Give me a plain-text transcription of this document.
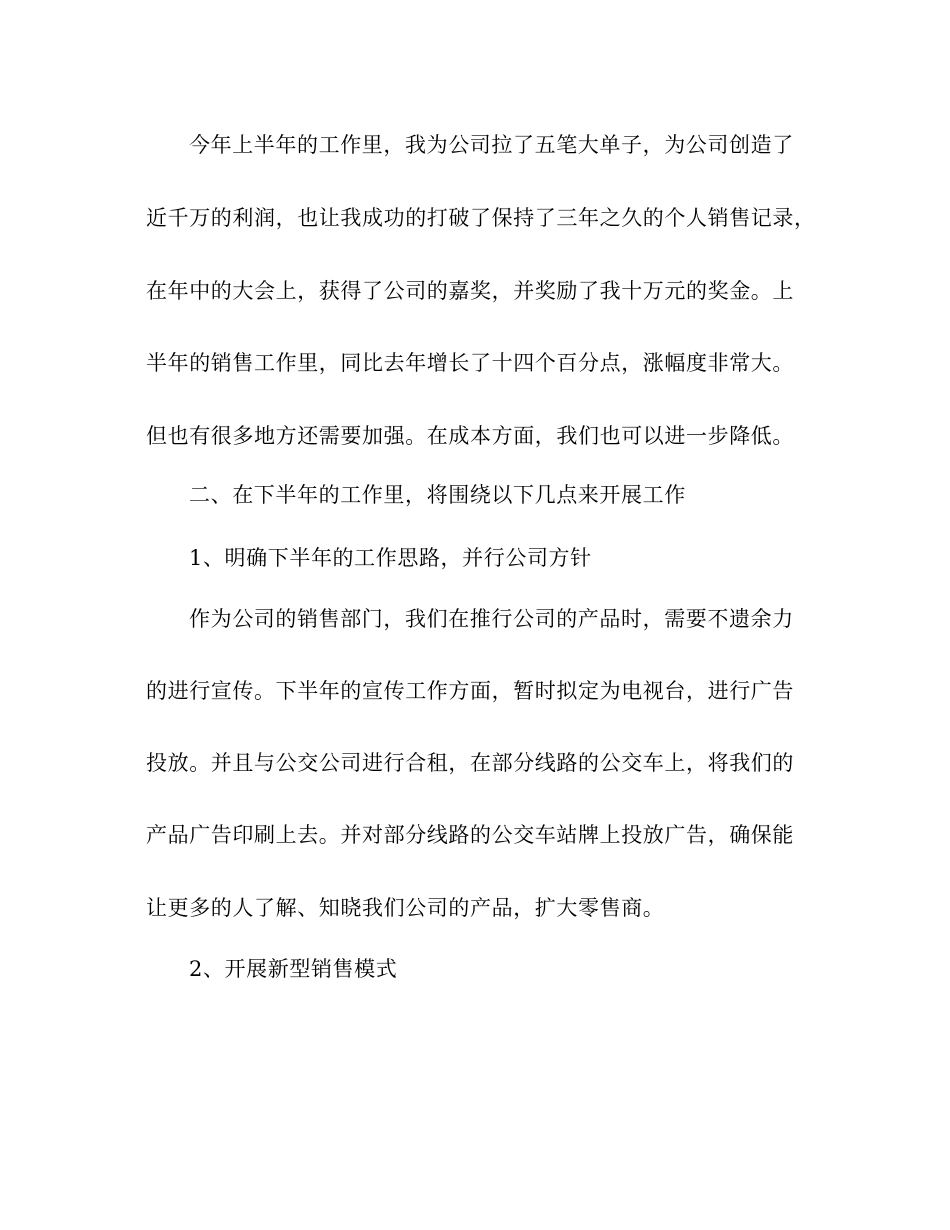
今年上半年的工作里，我为公司拉了五笔大单子，为公司创造了
近千万的利润，也让我成功的打破了保持了三年之久的个人销售记录，
在年中的大会上，获得了公司的嘉奖，并奖励了我十万元的奖金。上
半年的销售工作里，同比去年增长了十四个百分点，涨幅度非常大。
但也有很多地方还需要加强。在成本方面，我们也可以进一步降低。
二、在下半年的工作里，将围绕以下几点来开展工作
1、明确下半年的工作思路，并行公司方针
作为公司的销售部门，我们在推行公司的产品时，需要不遗余力
的进行宣传。下半年的宣传工作方面，暂时拟定为电视台，进行广告
投放。并且与公交公司进行合租，在部分线路的公交车上，将我们的
产品广告印刷上去。并对部分线路的公交车站牌上投放广告，确保能
让更多的人了解、知晓我们公司的产品，扩大零售商。
2、开展新型销售模式
